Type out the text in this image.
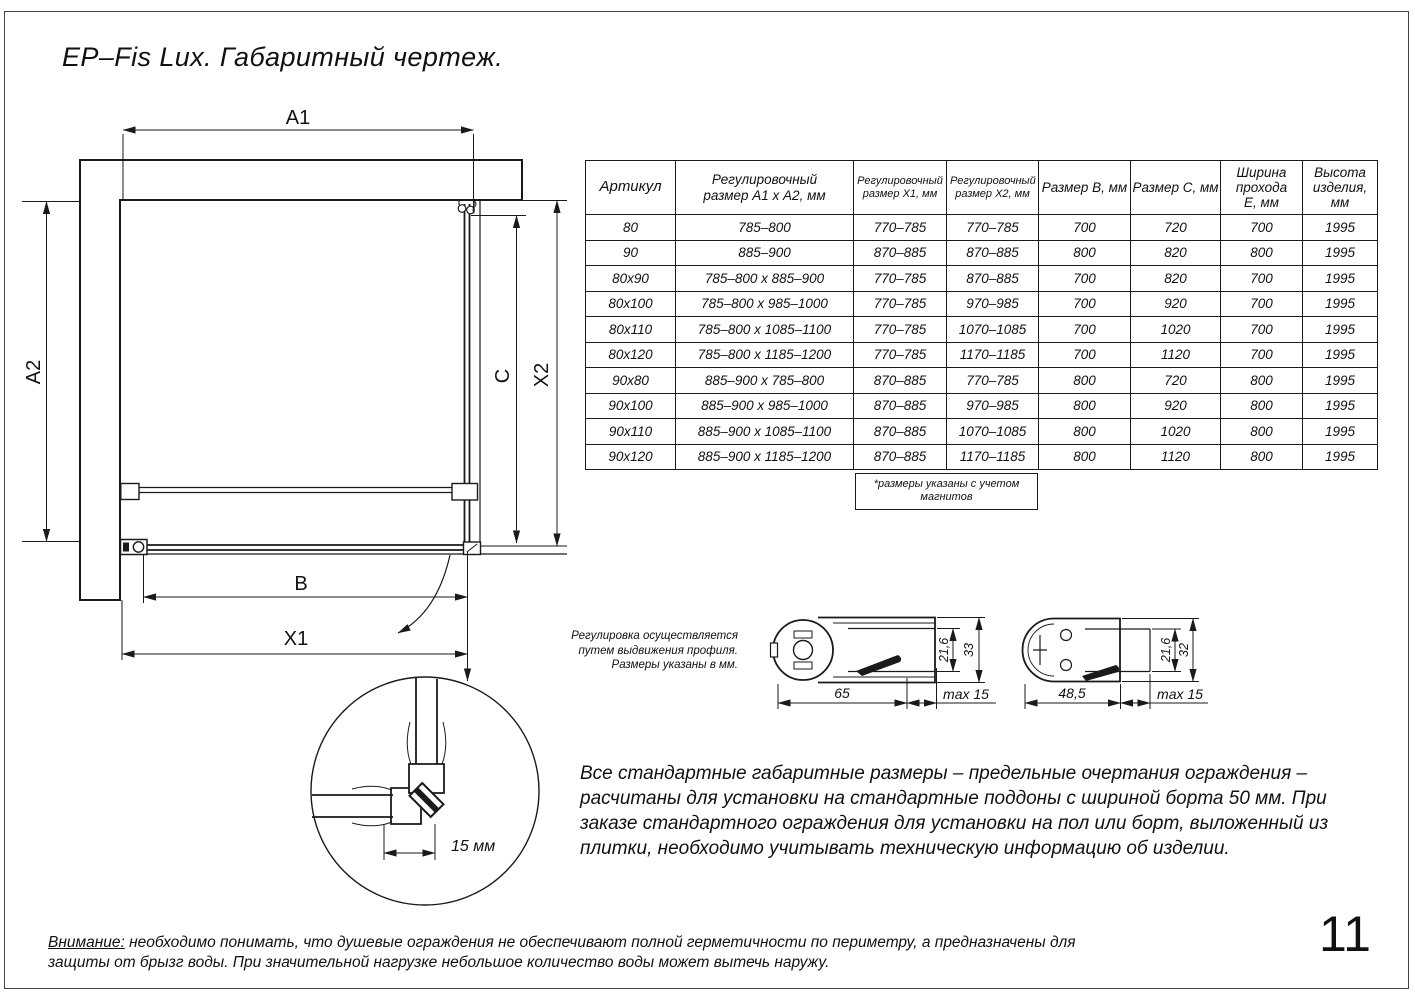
EP–Fis Lux. Габаритный чертеж.
A1
A2	X2
C
B
X1
15 мм
65	max 15
21,6 33
48,5	max 15
21,6 32
Артикул	Регулировочный размер А1 х А2, мм	Регулировочный размер Х1, мм	Регулировочный размер Х2, мм	Размер В, мм	Размер С, мм	Ширина прохода Е, мм	Высота изделия, мм
80	785–800	770–785	770–785	700	720	700	1995
90	885–900	870–885	870–885	800	820	800	1995
80х90	785–800 х 885–900	770–785	870–885	700	820	700	1995
80х100	785–800 х 985–1000	770–785	970–985	700	920	700	1995
80х110	785–800 х 1085–1100	770–785	1070–1085	700	1020	700	1995
80х120	785–800 х 1185–1200	770–785	1170–1185	700	1120	700	1995
90х80	885–900 х 785–800	870–885	770–785	800	720	800	1995
90х100	885–900 х 985–1000	870–885	970–985	800	920	800	1995
90х110	885–900 х 1085–1100	870–885	1070–1085	800	1020	800	1995
90х120	885–900 х 1185–1200	870–885	1170–1185	800	1120	800	1995
*размеры указаны с учетом магнитов
Регулировка осуществляется
путем выдвижения профиля.
Размеры указаны в мм.
Все стандартные габаритные размеры – предельные очертания ограждения – расчитаны для установки на стандартные поддоны с шириной борта 50 мм. При заказе стандартного ограждения для установки на пол или борт, выложенный из плитки, необходимо учитывать техническую информацию об изделии.
Внимание: необходимо понимать, что душевые ограждения не обеспечивают полной герметичности по периметру, а предназначены для защиты от брызг воды. При значительной нагрузке небольшое количество воды может вытечь наружу.	11
